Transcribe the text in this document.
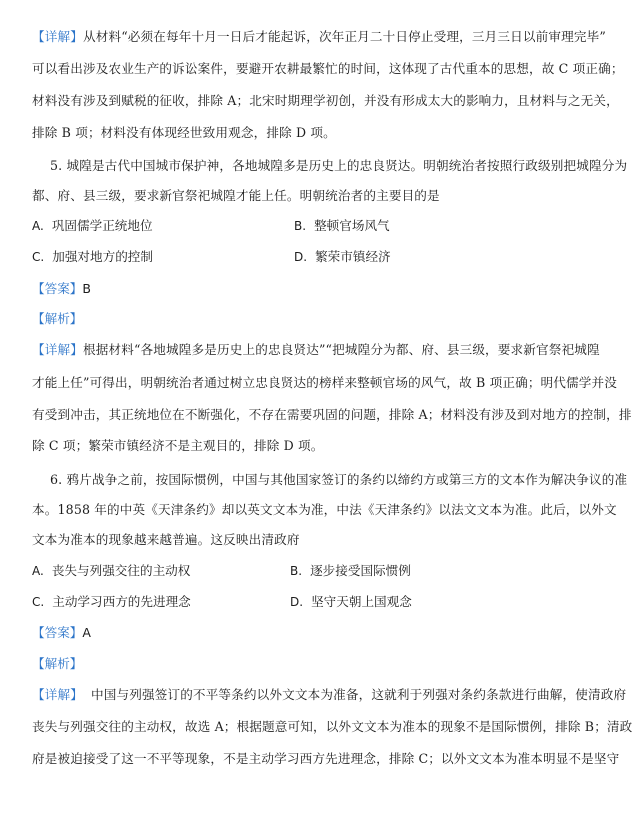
【详解】从材料“必须在每年十月一日后才能起诉，次年正月二十日停止受理，三月三日以前审理完毕”
可以看出涉及农业生产的诉讼案件，要避开农耕最繁忙的时间，这体现了古代重本的思想，故 C 项正确；
材料没有涉及到赋税的征收，排除 A；北宋时期理学初创，并没有形成太大的影响力，且材料与之无关，
排除 B 项；材料没有体现经世致用观念，排除 D 项。
5. 城隍是古代中国城市保护神，各地城隍多是历史上的忠良贤达。明朝统治者按照行政级别把城隍分为
都、府、县三级，要求新官祭祀城隍才能上任。明朝统治者的主要目的是
A. 巩固儒学正统地位	B. 整顿官场风气
C. 加强对地方的控制	D. 繁荣市镇经济
【答案】B
【解析】
【详解】根据材料“各地城隍多是历史上的忠良贤达”“把城隍分为都、府、县三级，要求新官祭祀城隍
才能上任”可得出，明朝统治者通过树立忠良贤达的榜样来整顿官场的风气，故 B 项正确；明代儒学并没
有受到冲击，其正统地位在不断强化，不存在需要巩固的问题，排除 A；材料没有涉及到对地方的控制，排
除 C 项；繁荣市镇经济不是主观目的，排除 D 项。
6. 鸦片战争之前，按国际惯例，中国与其他国家签订的条约以缔约方或第三方的文本作为解决争议的准
本。1858 年的中英《天津条约》却以英文文本为准，中法《天津条约》以法文文本为准。此后，以外文
文本为准本的现象越来越普遍。这反映出清政府
A. 丧失与列强交往的主动权	B. 逐步接受国际惯例
C. 主动学习西方的先进理念	D. 坚守天朝上国观念
【答案】A
【解析】
【详解】 中国与列强签订的不平等条约以外文文本为准备，这就利于列强对条约条款进行曲解，使清政府
丧失与列强交往的主动权，故选 A；根据题意可知，以外文文本为准本的现象不是国际惯例，排除 B；清政
府是被迫接受了这一不平等现象，不是主动学习西方先进理念，排除 C；以外文文本为准本明显不是坚守
